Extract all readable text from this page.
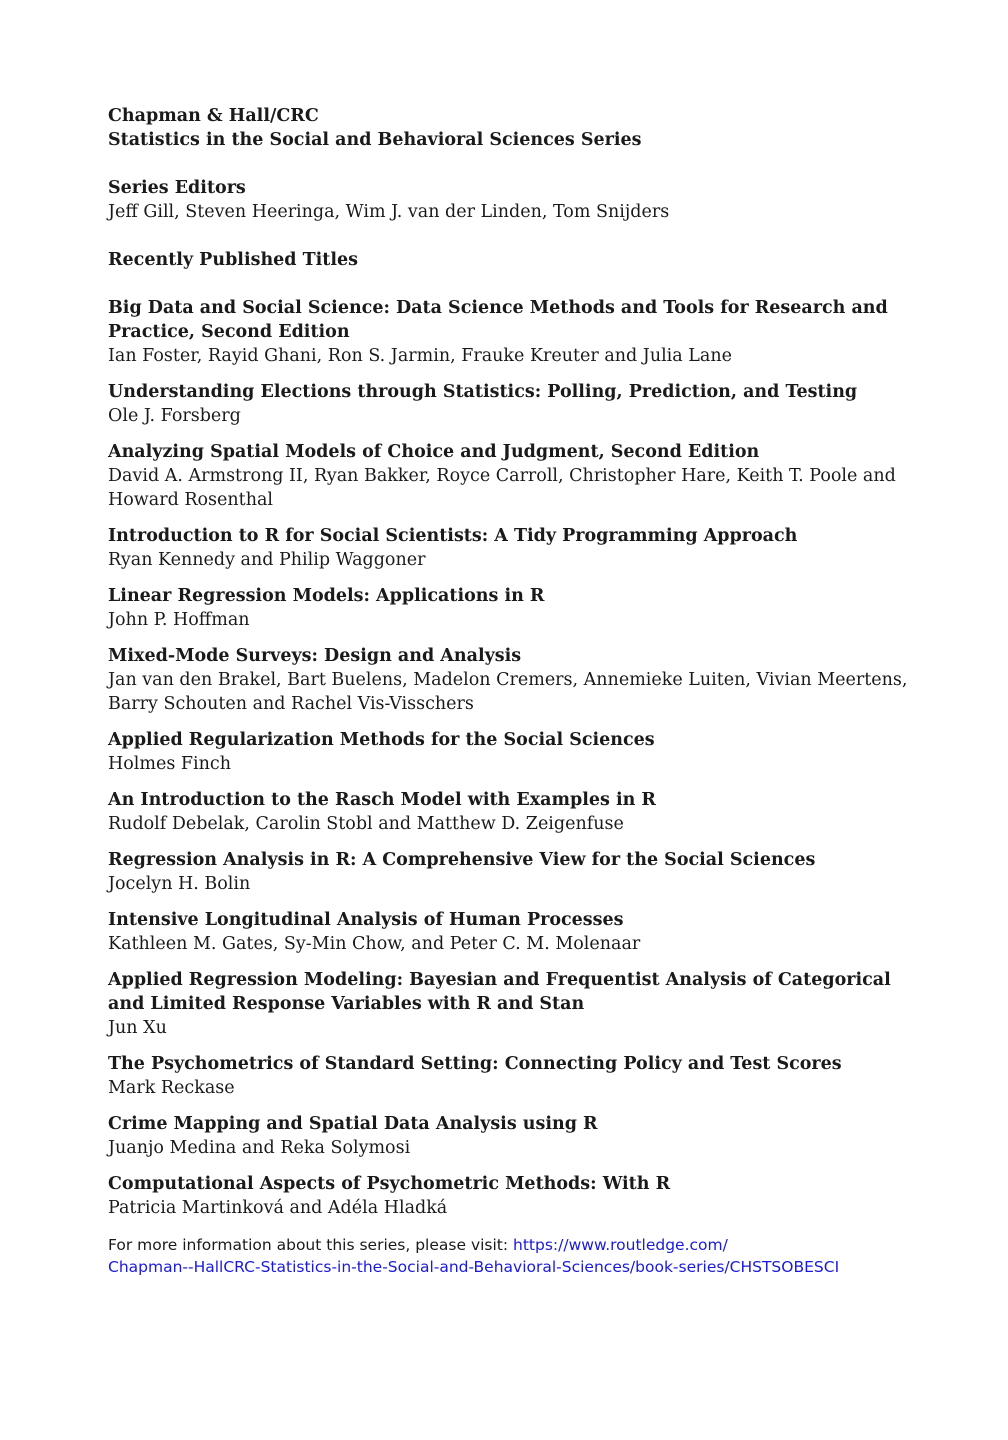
Chapman & Hall/CRC
Statistics in the Social and Behavioral Sciences Series
Series Editors
Jeff Gill, Steven Heeringa, Wim J. van der Linden, Tom Snijders
Recently Published Titles
Big Data and Social Science: Data Science Methods and Tools for Research and Practice, Second Edition
Ian Foster, Rayid Ghani, Ron S. Jarmin, Frauke Kreuter and Julia Lane
Understanding Elections through Statistics: Polling, Prediction, and Testing
Ole J. Forsberg
Analyzing Spatial Models of Choice and Judgment, Second Edition
David A. Armstrong II, Ryan Bakker, Royce Carroll, Christopher Hare, Keith T. Poole and Howard Rosenthal
Introduction to R for Social Scientists: A Tidy Programming Approach
Ryan Kennedy and Philip Waggoner
Linear Regression Models: Applications in R
John P. Hoffman
Mixed-Mode Surveys: Design and Analysis
Jan van den Brakel, Bart Buelens, Madelon Cremers, Annemieke Luiten, Vivian Meertens, Barry Schouten and Rachel Vis-Visschers
Applied Regularization Methods for the Social Sciences
Holmes Finch
An Introduction to the Rasch Model with Examples in R
Rudolf Debelak, Carolin Stobl and Matthew D. Zeigenfuse
Regression Analysis in R: A Comprehensive View for the Social Sciences
Jocelyn H. Bolin
Intensive Longitudinal Analysis of Human Processes
Kathleen M. Gates, Sy-Min Chow, and Peter C. M. Molenaar
Applied Regression Modeling: Bayesian and Frequentist Analysis of Categorical and Limited Response Variables with R and Stan
Jun Xu
The Psychometrics of Standard Setting: Connecting Policy and Test Scores
Mark Reckase
Crime Mapping and Spatial Data Analysis using R
Juanjo Medina and Reka Solymosi
Computational Aspects of Psychometric Methods: With R
Patricia Martinková and Adéla Hladká
For more information about this series, please visit: https://www.routledge.com/
Chapman--HallCRC-Statistics-in-the-Social-and-Behavioral-Sciences/book-series/CHSTSOBESCI
